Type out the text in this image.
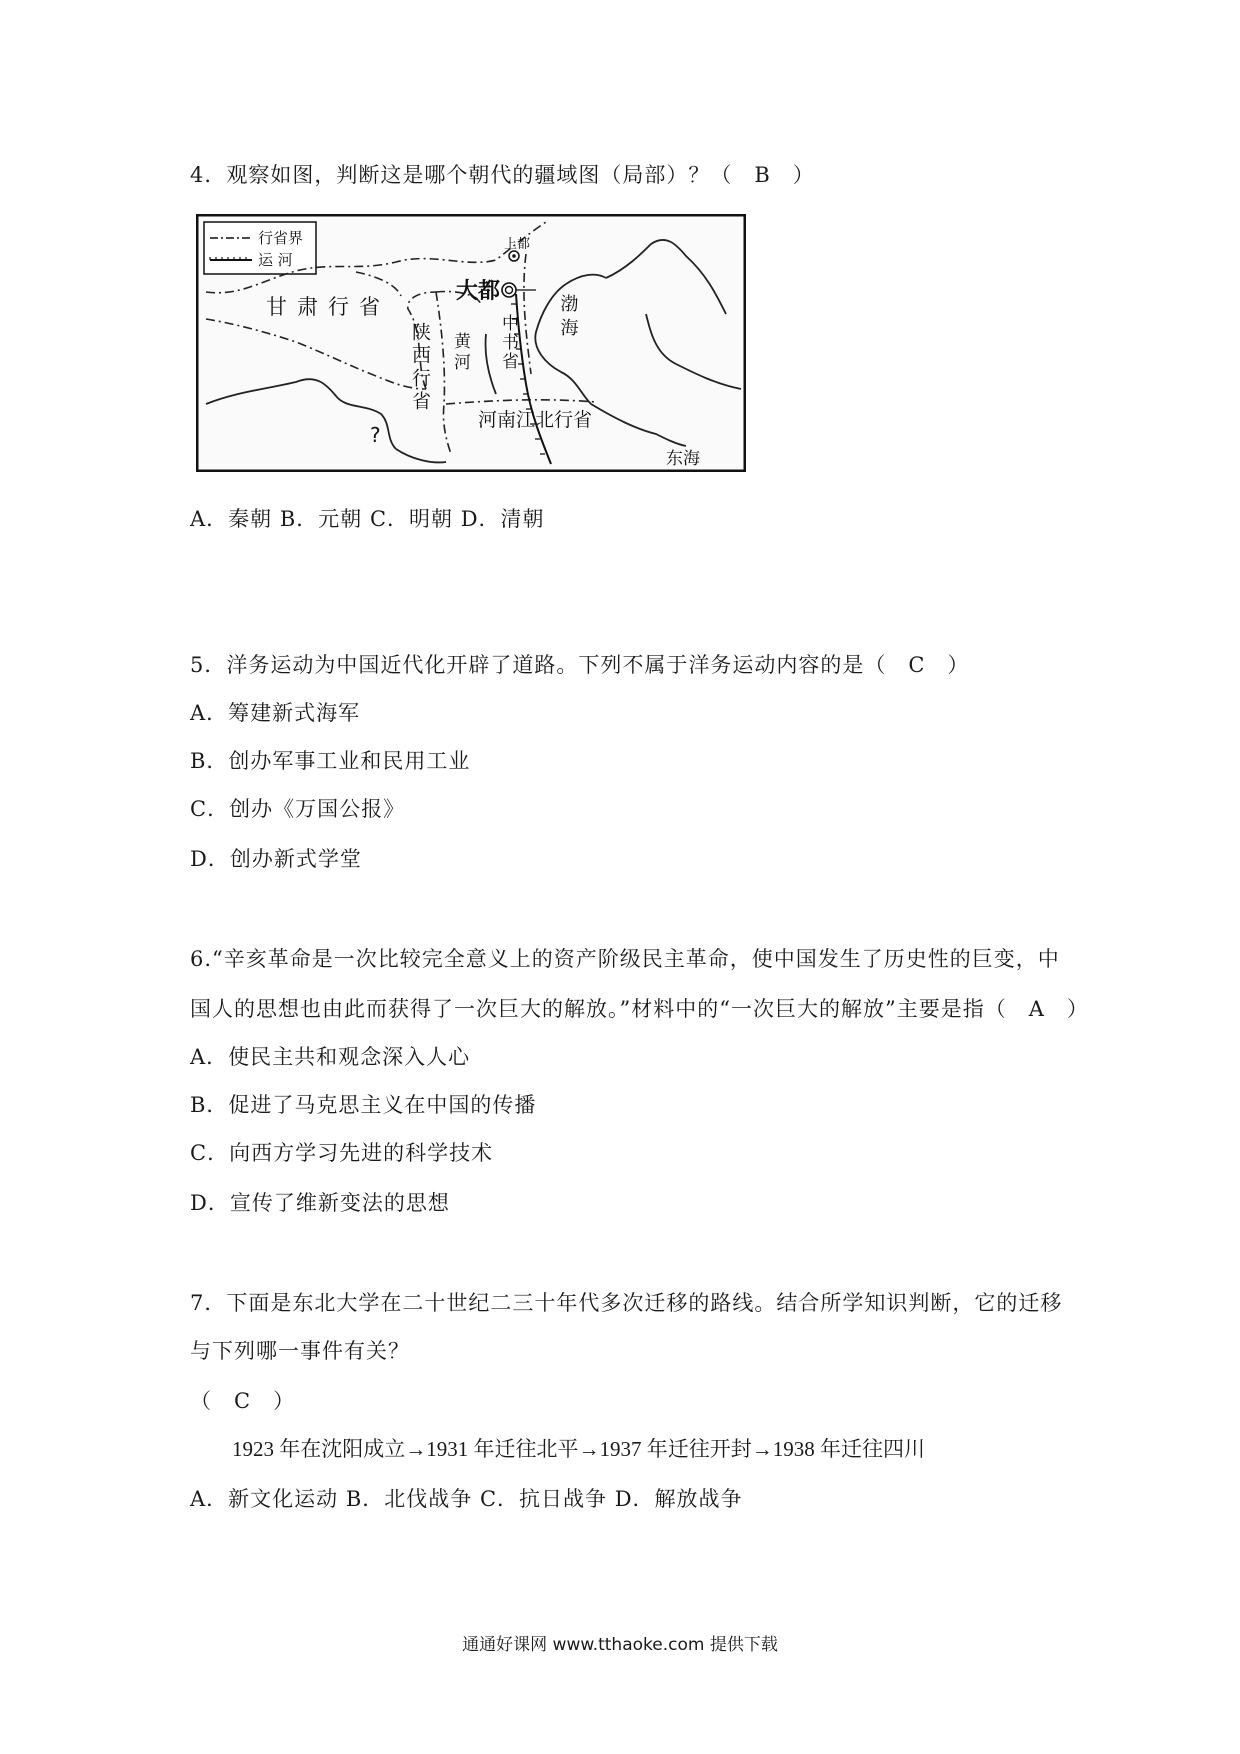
4．观察如图，判断这是哪个朝代的疆域图（局部）？（　B　）
行省界
运 河
甘肃行省
上都
大都
中书省 渤海
陕西行省 黄河
河南江北行省
东海
?
A．秦朝 B．元朝 C．明朝 D．清朝
5．洋务运动为中国近代化开辟了道路。下列不属于洋务运动内容的是（　C　）
A．筹建新式海军
B．创办军事工业和民用工业
C．创办《万国公报》
D．创办新式学堂
6.“辛亥革命是一次比较完全意义上的资产阶级民主革命，使中国发生了历史性的巨变，中
国人的思想也由此而获得了一次巨大的解放。”材料中的“一次巨大的解放”主要是指（　A　）
A．使民主共和观念深入人心
B．促进了马克思主义在中国的传播
C．向西方学习先进的科学技术
D．宣传了维新变法的思想
7．下面是东北大学在二十世纪二三十年代多次迁移的路线。结合所学知识判断，它的迁移
与下列哪一事件有关？
（　C　）
1923 年在沈阳成立→1931 年迁往北平→1937 年迁往开封→1938 年迁往四川
A．新文化运动 B．北伐战争 C．抗日战争 D．解放战争
通通好课网 www.tthaoke.com 提供下载
